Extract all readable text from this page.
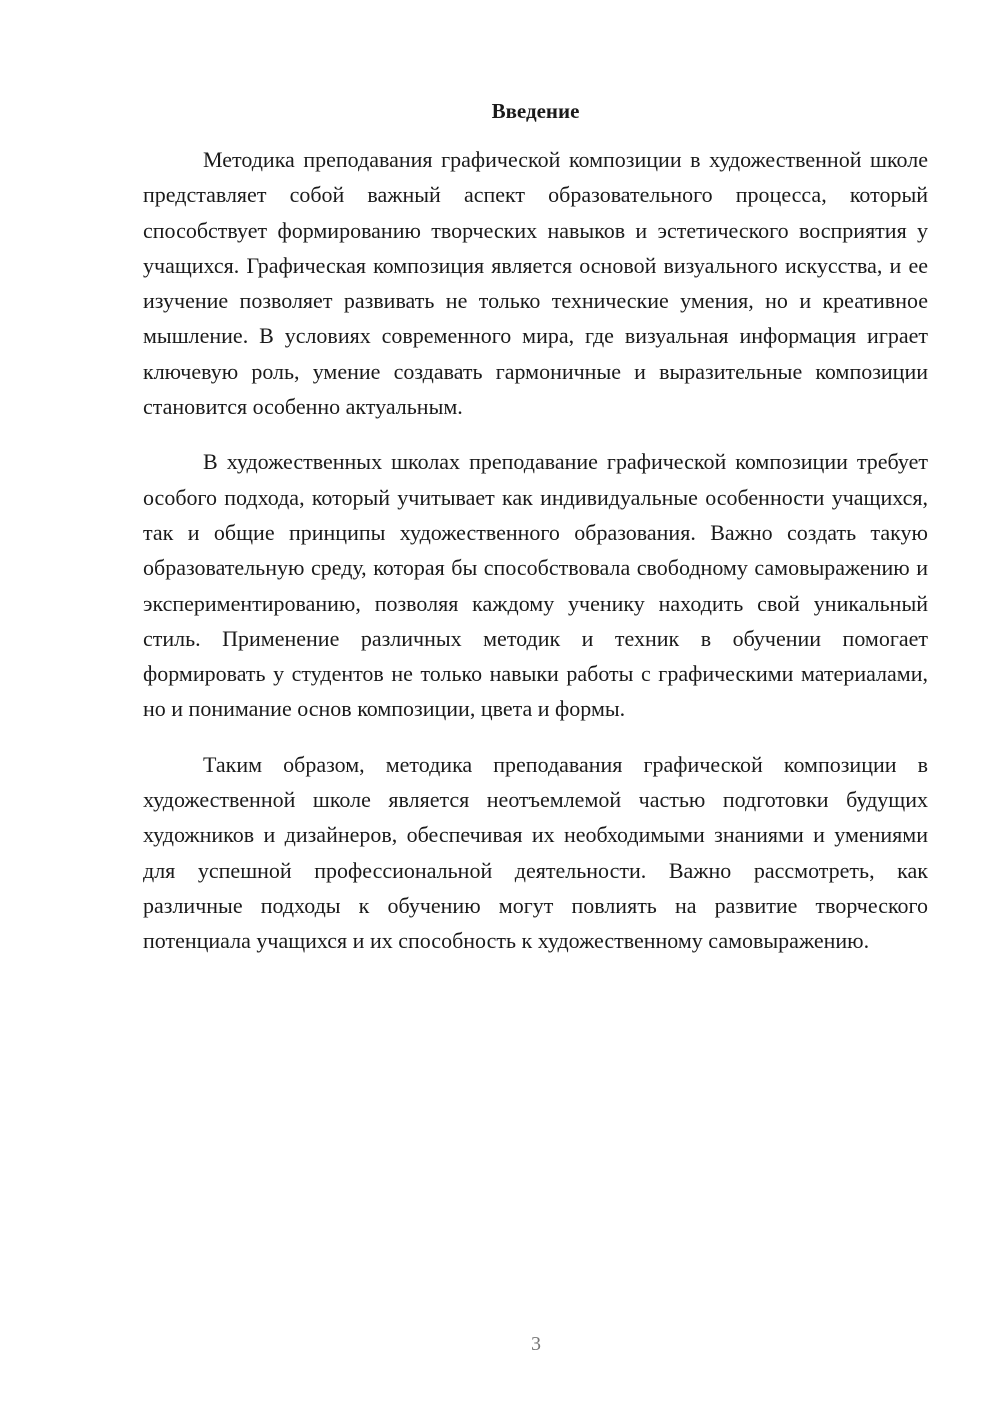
Введение

Методика преподавания графической композиции в художественной школе представляет собой важный аспект образовательного процесса, который способствует формированию творческих навыков и эстетического восприятия у учащихся. Графическая композиция является основой визуального искусства, и ее изучение позволяет развивать не только технические умения, но и креативное мышление. В условиях современного мира, где визуальная информация играет ключевую роль, умение создавать гармоничные и выразительные композиции становится особенно актуальным.

В художественных школах преподавание графической композиции требует особого подхода, который учитывает как индивидуальные особенности учащихся, так и общие принципы художественного образования. Важно создать такую образовательную среду, которая бы способствовала свободному самовыражению и экспериментированию, позволяя каждому ученику находить свой уникальный стиль. Применение различных методик и техник в обучении помогает формировать у студентов не только навыки работы с графическими материалами, но и понимание основ композиции, цвета и формы.

Таким образом, методика преподавания графической композиции в художественной школе является неотъемлемой частью подготовки будущих художников и дизайнеров, обеспечивая их необходимыми знаниями и умениями для успешной профессиональной деятельности. Важно рассмотреть, как различные подходы к обучению могут повлиять на развитие творческого потенциала учащихся и их способность к художественному самовыражению.

3
